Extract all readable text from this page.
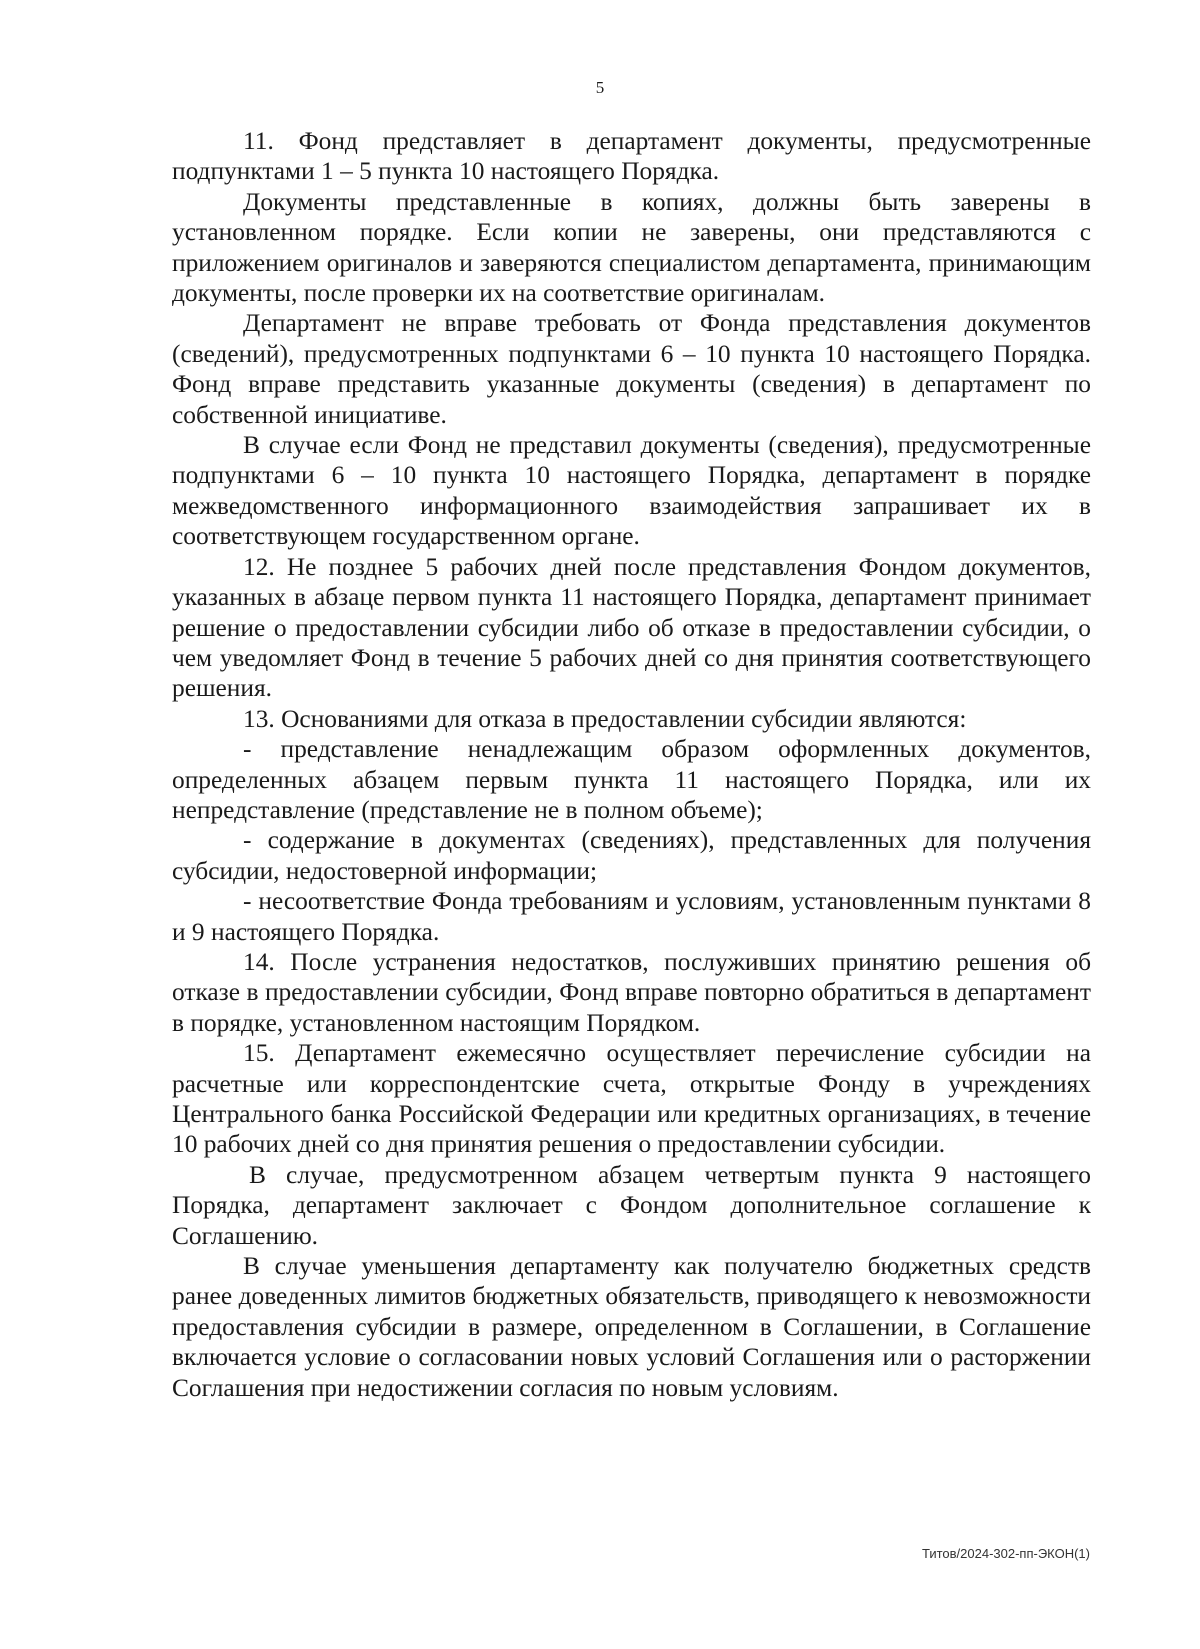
5

11. Фонд представляет в департамент документы, предусмотренные подпунктами 1 – 5 пункта 10 настоящего Порядка.

Документы представленные в копиях, должны быть заверены в установленном порядке. Если копии не заверены, они представляются с приложением оригиналов и заверяются специалистом департамента, принимающим документы, после проверки их на соответствие оригиналам.

Департамент не вправе требовать от Фонда представления документов (сведений), предусмотренных подпунктами 6 – 10 пункта 10 настоящего Порядка. Фонд вправе представить указанные документы (сведения) в департамент по собственной инициативе.

В случае если Фонд не представил документы (сведения), предусмотренные подпунктами 6 – 10 пункта 10 настоящего Порядка, департамент в порядке межведомственного информационного взаимодействия запрашивает их в соответствующем государственном органе.

12. Не позднее 5 рабочих дней после представления Фондом документов, указанных в абзаце первом пункта 11 настоящего Порядка, департамент принимает решение о предоставлении субсидии либо об отказе в предоставлении субсидии, о чем уведомляет Фонд в течение 5 рабочих дней со дня принятия соответствующего решения.

13. Основаниями для отказа в предоставлении субсидии являются:

- представление ненадлежащим образом оформленных документов, определенных абзацем первым пункта 11 настоящего Порядка, или их непредставление (представление не в полном объеме);

- содержание в документах (сведениях), представленных для получения субсидии, недостоверной информации;

- несоответствие Фонда требованиям и условиям, установленным пунктами 8 и 9 настоящего Порядка.

14. После устранения недостатков, послуживших принятию решения об отказе в предоставлении субсидии, Фонд вправе повторно обратиться в департамент в порядке, установленном настоящим Порядком.

15. Департамент ежемесячно осуществляет перечисление субсидии на расчетные или корреспондентские счета, открытые Фонду в учреждениях Центрального банка Российской Федерации или кредитных организациях, в течение 10 рабочих дней со дня принятия решения о предоставлении субсидии.

В случае, предусмотренном абзацем четвертым пункта 9 настоящего Порядка, департамент заключает с Фондом дополнительное соглашение к Соглашению.

В случае уменьшения департаменту как получателю бюджетных средств ранее доведенных лимитов бюджетных обязательств, приводящего к невозможности предоставления субсидии в размере, определенном в Соглашении, в Соглашение включается условие о согласовании новых условий Соглашения или о расторжении Соглашения при недостижении согласия по новым условиям.

Титов/2024-302-пп-ЭКОН(1)
